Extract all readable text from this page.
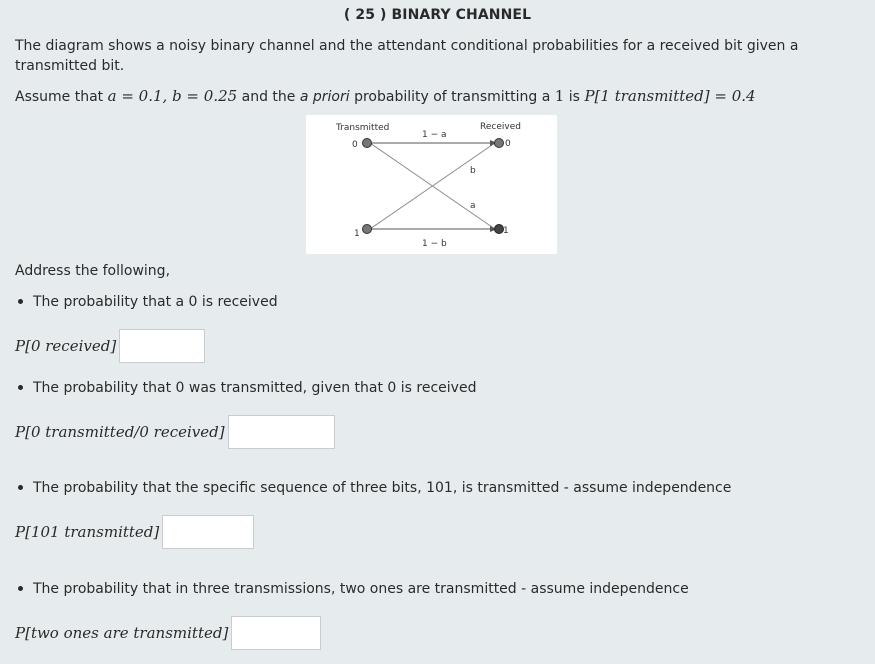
( 25 ) BINARY CHANNEL
The diagram shows a noisy binary channel and the attendant conditional probabilities for a received bit given a transmitted bit.
Assume that a = 0.1, b = 0.25 and the a priori probability of transmitting a 1 is P[1 transmitted] = 0.4
Transmitted	Received
0
1
0
1
1 − a
1 − b
b
a
Address the following,
The probability that a 0 is received
P[0 received]
The probability that 0 was transmitted, given that 0 is received
P[0 transmitted/0 received]
The probability that the specific sequence of three bits, 101, is transmitted - assume independence
P[101 transmitted]
The probability that in three transmissions, two ones are transmitted - assume independence
P[two ones are transmitted]
